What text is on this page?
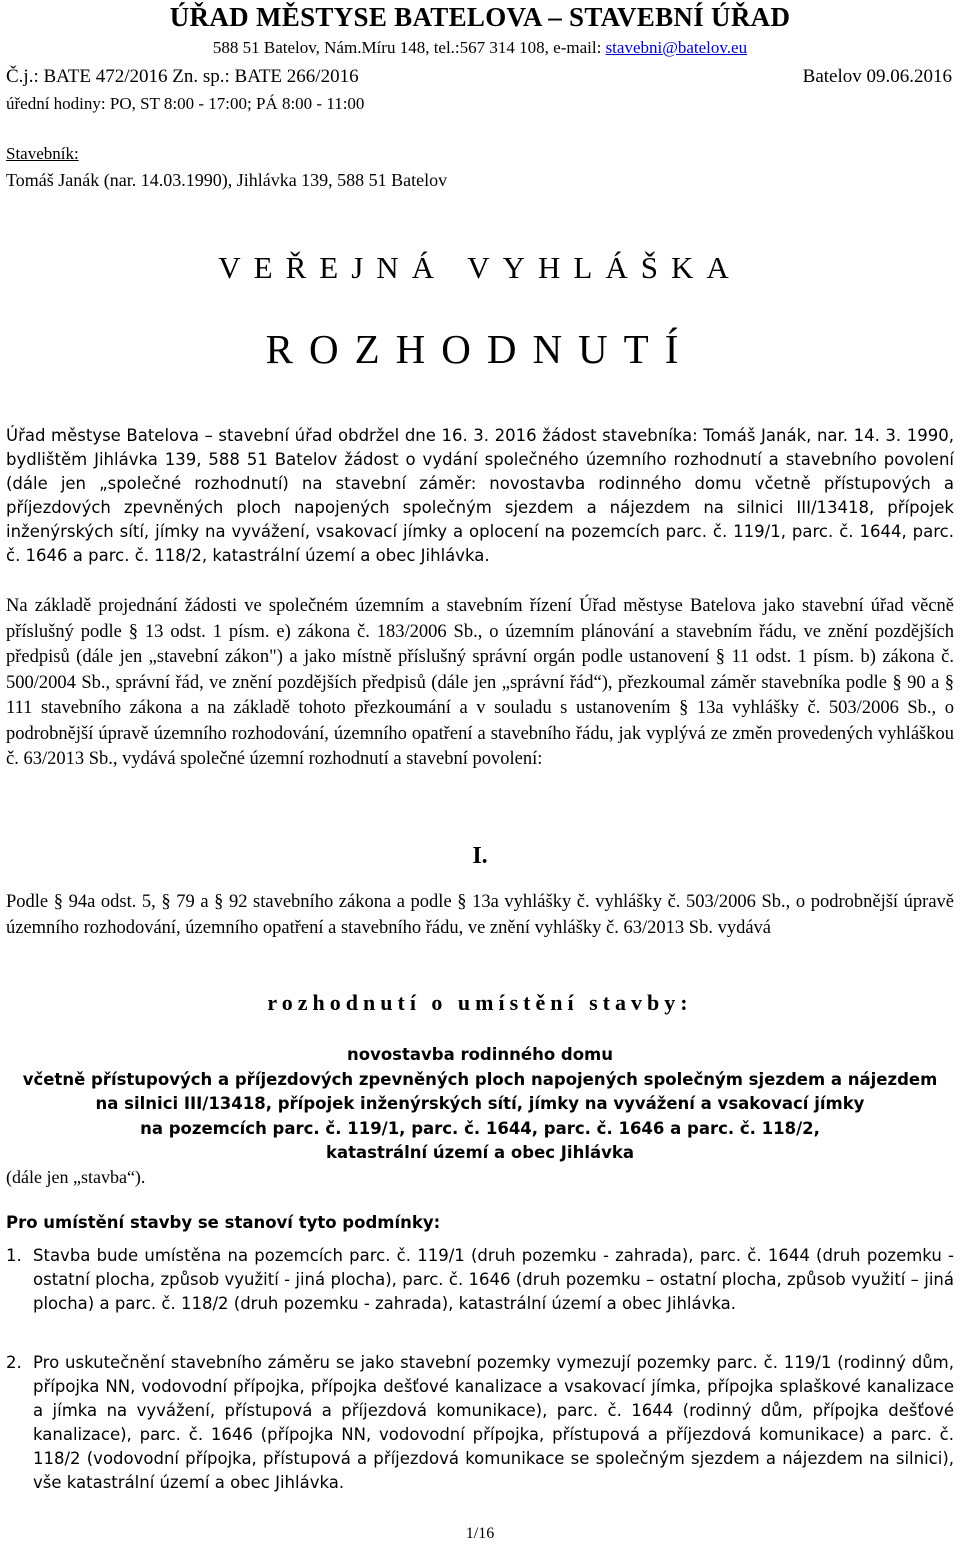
ÚŘAD MĚSTYSE BATELOVA – STAVEBNÍ ÚŘAD
588 51 Batelov, Nám.Míru 148, tel.:567 314 108, e-mail: stavebni@batelov.eu
Č.j.: BATE 472/2016 Zn. sp.: BATE 266/2016	Batelov 09.06.2016
úřední hodiny: PO, ST 8:00 - 17:00; PÁ 8:00 - 11:00
Stavebník:
Tomáš Janák (nar. 14.03.1990), Jihlávka 139, 588 51 Batelov
VEŘEJNÁ VYHLÁŠKA
ROZHODNUTÍ
Úřad městyse Batelova – stavební úřad obdržel dne 16. 3. 2016 žádost stavebníka: Tomáš Janák, nar. 14. 3. 1990, bydlištěm Jihlávka 139, 588 51 Batelov žádost o vydání společného územního rozhodnutí a stavebního povolení (dále jen „společné rozhodnutí) na stavební záměr: novostavba rodinného domu včetně přístupových a příjezdových zpevněných ploch napojených společným sjezdem a nájezdem na silnici III/13418, přípojek inženýrských sítí, jímky na vyvážení, vsakovací jímky a oplocení na pozemcích parc. č. 119/1, parc. č. 1644, parc. č. 1646 a parc. č. 118/2, katastrální území a obec Jihlávka.
Na základě projednání žádosti ve společném územním a stavebním řízení Úřad městyse Batelova jako stavební úřad věcně příslušný podle § 13 odst. 1 písm. e) zákona č. 183/2006 Sb., o územním plánování a stavebním řádu, ve znění pozdějších předpisů (dále jen „stavební zákon") a jako místně příslušný správní orgán podle ustanovení § 11 odst. 1 písm. b) zákona č. 500/2004 Sb., správní řád, ve znění pozdějších předpisů (dále jen „správní řád“), přezkoumal záměr stavebníka podle § 90 a § 111 stavebního zákona a na základě tohoto přezkoumání a v souladu s ustanovením § 13a vyhlášky č. 503/2006 Sb., o podrobnější úpravě územního rozhodování, územního opatření a stavebního řádu, jak vyplývá ze změn provedených vyhláškou č. 63/2013 Sb., vydává společné územní rozhodnutí a stavební povolení:
I.
Podle § 94a odst. 5, § 79 a § 92 stavebního zákona a podle § 13a vyhlášky č. vyhlášky č. 503/2006 Sb., o podrobnější úpravě územního rozhodování, územního opatření a stavebního řádu, ve znění vyhlášky č. 63/2013 Sb. vydává
rozhodnutí o umístění stavby:
novostavba rodinného domu
včetně přístupových a příjezdových zpevněných ploch napojených společným sjezdem a nájezdem
na silnici III/13418, přípojek inženýrských sítí, jímky na vyvážení a vsakovací jímky
na pozemcích parc. č. 119/1, parc. č. 1644, parc. č. 1646 a parc. č. 118/2,
katastrální území a obec Jihlávka
(dále jen „stavba“).
Pro umístění stavby se stanoví tyto podmínky:
1. Stavba bude umístěna na pozemcích parc. č. 119/1 (druh pozemku - zahrada), parc. č. 1644 (druh pozemku - ostatní plocha, způsob využití - jiná plocha), parc. č. 1646 (druh pozemku – ostatní plocha, způsob využití – jiná plocha) a parc. č. 118/2 (druh pozemku - zahrada), katastrální území a obec Jihlávka.
2. Pro uskutečnění stavebního záměru se jako stavební pozemky vymezují pozemky parc. č. 119/1 (rodinný dům, přípojka NN, vodovodní přípojka, přípojka dešťové kanalizace a vsakovací jímka, přípojka splaškové kanalizace a jímka na vyvážení, přístupová a příjezdová komunikace), parc. č. 1644 (rodinný dům, přípojka dešťové kanalizace), parc. č. 1646 (přípojka NN, vodovodní přípojka, přístupová a příjezdová komunikace) a parc. č. 118/2 (vodovodní přípojka, přístupová a příjezdová komunikace se společným sjezdem a nájezdem na silnici), vše katastrální území a obec Jihlávka.
1/16
